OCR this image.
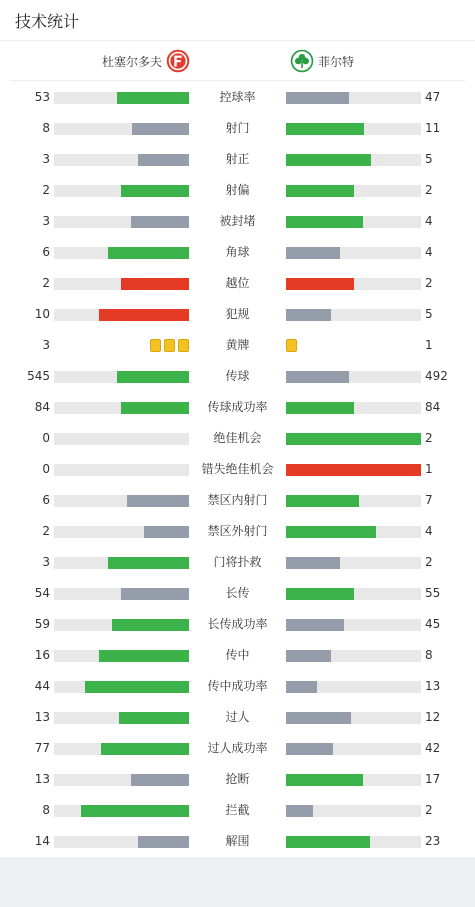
技术统计
杜塞尔多夫	菲尔特
53	控球率	47
8	射门	11
3	射正	5
2	射偏	2
3	被封堵	4
6	角球	4
2	越位	2
10	犯规	5
3	黄牌	1
545	传球	492
84	传球成功率	84
0	绝佳机会	2
0	错失绝佳机会	1
6	禁区内射门	7
2	禁区外射门	4
3	门将扑救	2
54	长传	55
59	长传成功率	45
16	传中	8
44	传中成功率	13
13	过人	12
77	过人成功率	42
13	抢断	17
8	拦截	2
14	解围	23
